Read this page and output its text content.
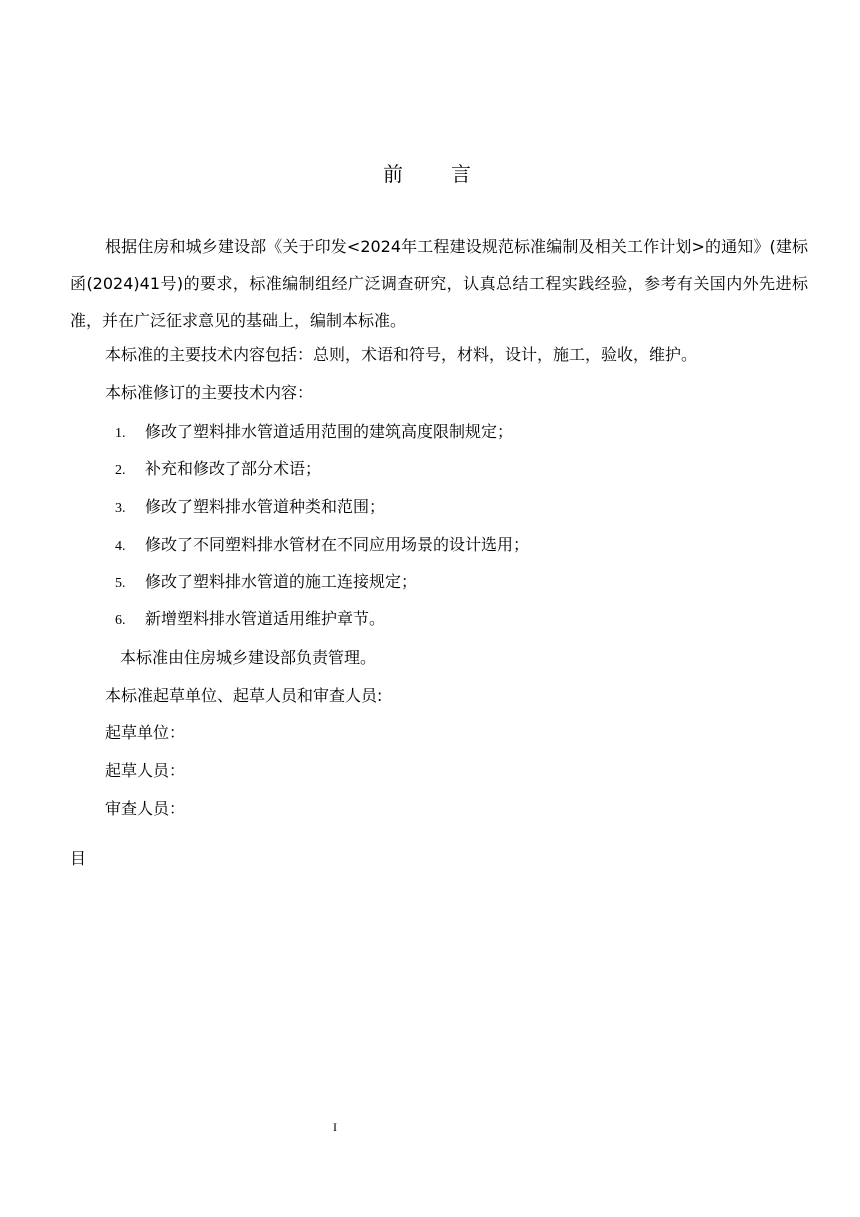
前　言

根据住房和城乡建设部《关于印发<2024年工程建设规范标准编制及相关工作计划>的通知》(建标函(2024)41号)的要求，标准编制组经广泛调查研究，认真总结工程实践经验，参考有关国内外先进标准，并在广泛征求意见的基础上，编制本标准。

本标准的主要技术内容包括：总则，术语和符号，材料，设计，施工，验收，维护。

本标准修订的主要技术内容：

1. 修改了塑料排水管道适用范围的建筑高度限制规定；
2. 补充和修改了部分术语；
3. 修改了塑料排水管道种类和范围；
4. 修改了不同塑料排水管材在不同应用场景的设计选用；
5. 修改了塑料排水管道的施工连接规定；
6. 新增塑料排水管道适用维护章节。

本标准由住房城乡建设部负责管理。

本标准起草单位、起草人员和审查人员:

起草单位：

起草人员：

审查人员：

目
I
